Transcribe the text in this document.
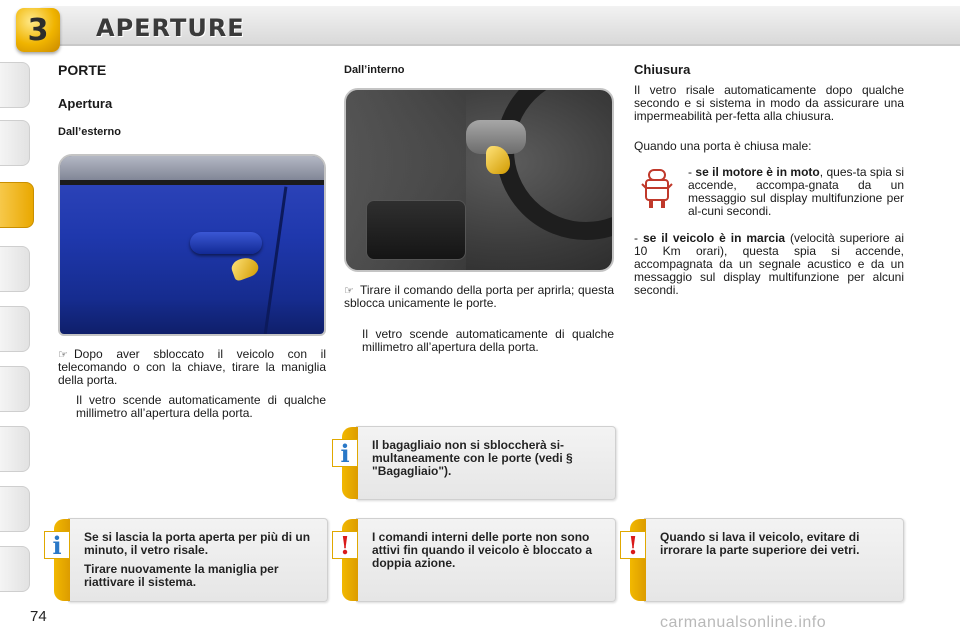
3	APERTURE
PORTE
Apertura
Dall’esterno
☞ Dopo aver sbloccato il veicolo con il telecomando o con la chiave, tirare la maniglia della porta.
Il vetro scende automaticamente di qualche millimetro all’apertura della porta.
Dall’interno
☞ Tirare il comando della porta per aprirla; questa sblocca unicamente le porte.
Il vetro scende automaticamente di qualche millimetro all’apertura della porta.
Chiusura
Il vetro risale automaticamente dopo qualche secondo e si sistema in modo da assicurare una impermeabilità per-fetta alla chiusura.
Quando una porta è chiusa male:
- se il motore è in moto, ques-ta spia si accende, accompa-gnata da un messaggio sul display multifunzione per al-cuni secondi.
- se il veicolo è in marcia (velocità superiore ai 10 Km orari), questa spia si accende, accompagnata da un segnale acustico e da un messaggio sul display multifunzione per alcuni secondi.
i	Il bagagliaio non si sbloccherà si-multaneamente con le porte (vedi § "Bagagliaio").
i	Se si lascia la porta aperta per più di un minuto, il vetro risale.

Tirare nuovamente la maniglia per riattivare il sistema.

!	I comandi interni delle porte non sono attivi fin quando il veicolo è bloccato a doppia azione.
!	Quando si lava il veicolo, evitare di irrorare la parte superiore dei vetri.
74	carmanualsonline.info
